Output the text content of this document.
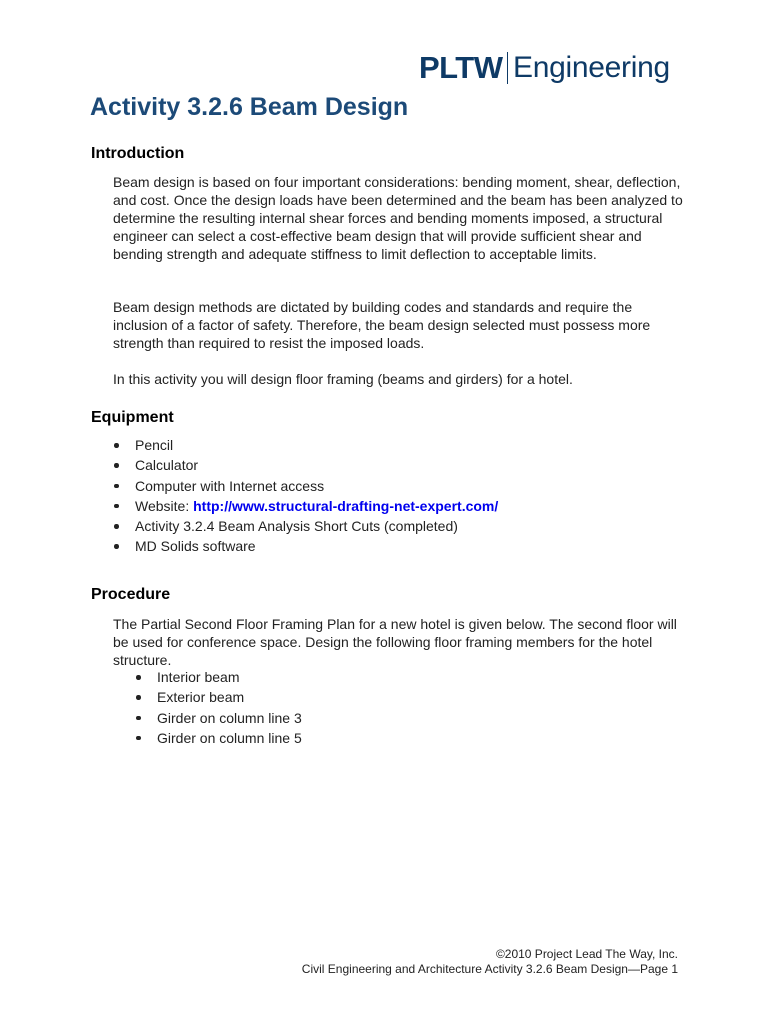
PLTW Engineering
Activity 3.2.6 Beam Design
Introduction

Beam design is based on four important considerations: bending moment, shear, deflection, and cost. Once the design loads have been determined and the beam has been analyzed to determine the resulting internal shear forces and bending moments imposed, a structural engineer can select a cost-effective beam design that will provide sufficient shear and bending strength and adequate stiffness to limit deflection to acceptable limits.

Beam design methods are dictated by building codes and standards and require the inclusion of a factor of safety. Therefore, the beam design selected must possess more strength than required to resist the imposed loads.

In this activity you will design floor framing (beams and girders) for a hotel.

Equipment
Pencil
Calculator
Computer with Internet access
Website: http://www.structural-drafting-net-expert.com/
Activity 3.2.4 Beam Analysis Short Cuts (completed)
MD Solids software
Procedure

The Partial Second Floor Framing Plan for a new hotel is given below. The second floor will be used for conference space. Design the following floor framing members for the hotel structure.

Interior beam
Exterior beam
Girder on column line 3
Girder on column line 5
©2010 Project Lead The Way, Inc.
Civil Engineering and Architecture Activity 3.2.6 Beam Design—Page 1
